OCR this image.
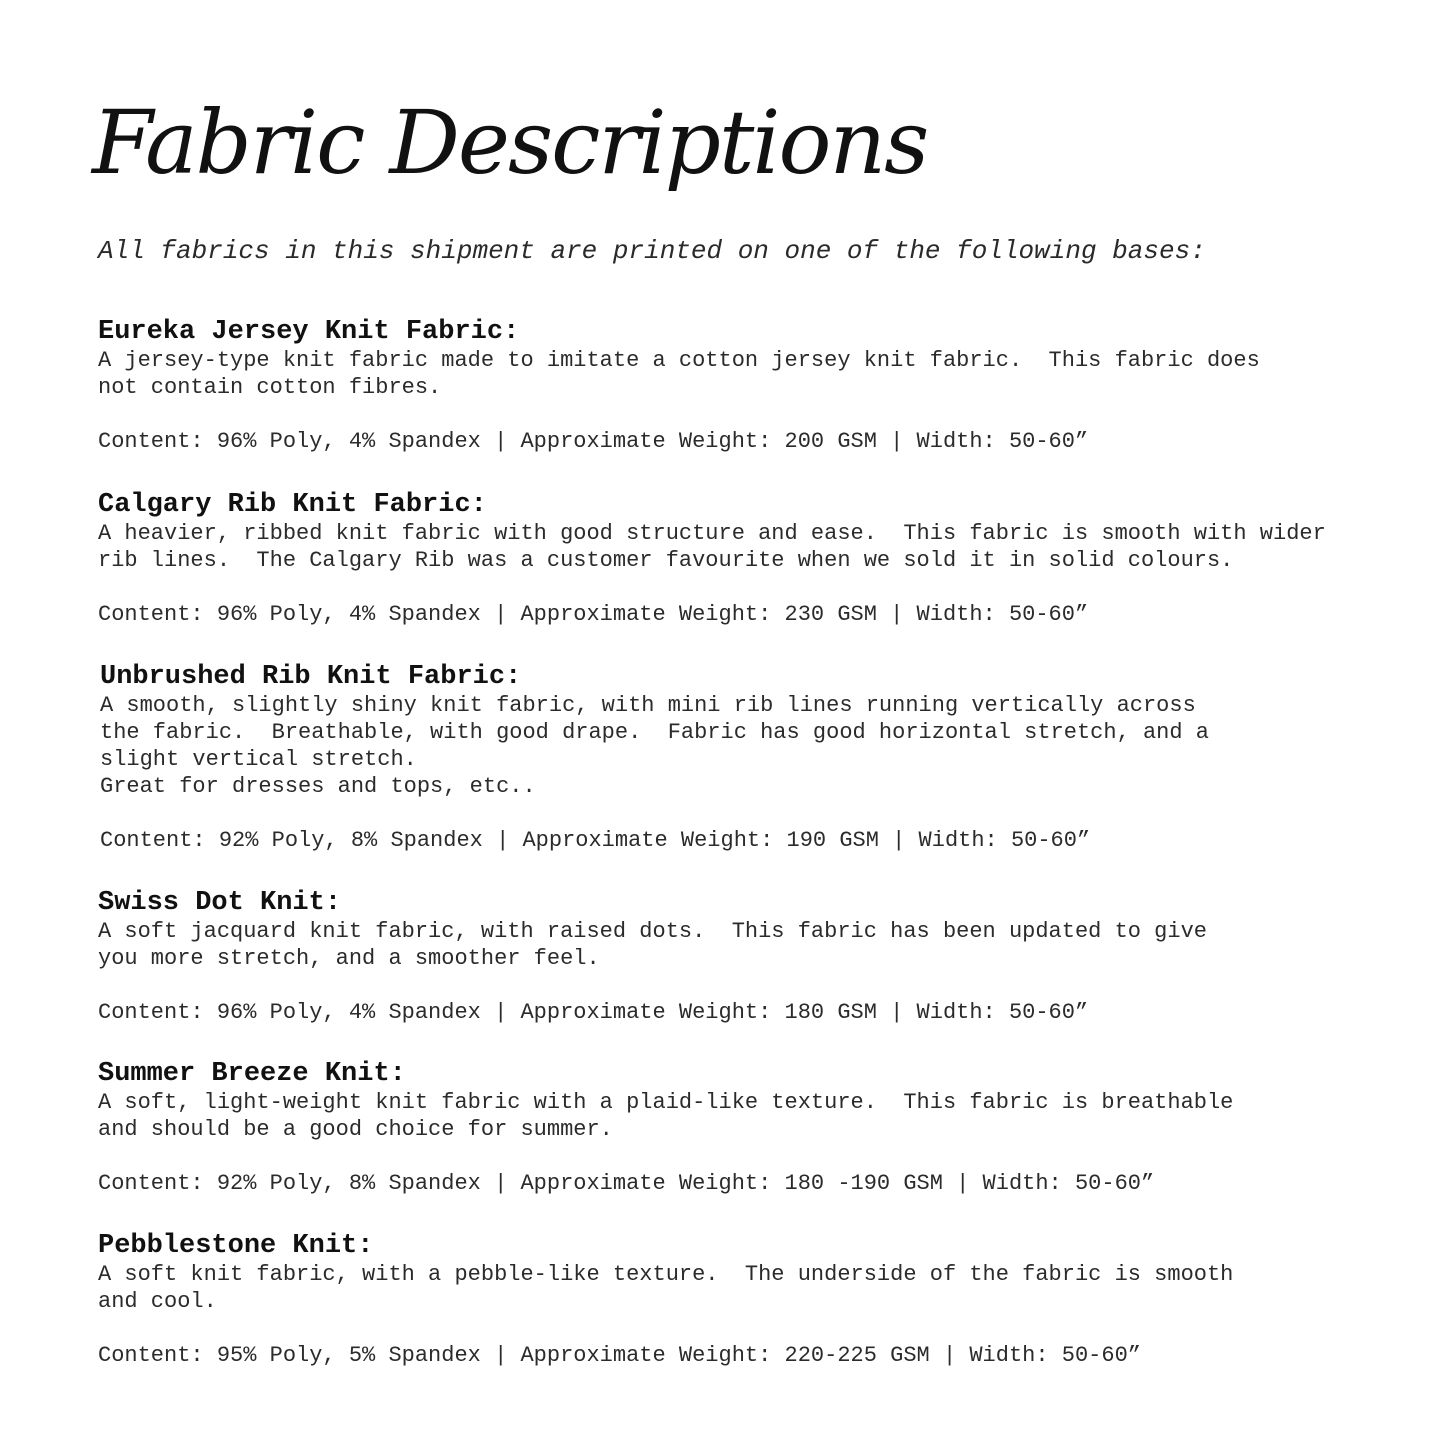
Fabric Descriptions
All fabrics in this shipment are printed on one of the following bases:
Eureka Jersey Knit Fabric:

A jersey-type knit fabric made to imitate a cotton jersey knit fabric.  This fabric does
not contain cotton fibres.

Content: 96% Poly, 4% Spandex | Approximate Weight: 200 GSM | Width: 50-60”
Calgary Rib Knit Fabric:

A heavier, ribbed knit fabric with good structure and ease.  This fabric is smooth with wider
rib lines.  The Calgary Rib was a customer favourite when we sold it in solid colours.

Content: 96% Poly, 4% Spandex | Approximate Weight: 230 GSM | Width: 50-60”
Unbrushed Rib Knit Fabric:

A smooth, slightly shiny knit fabric, with mini rib lines running vertically across
the fabric.  Breathable, with good drape.  Fabric has good horizontal stretch, and a
slight vertical stretch.
Great for dresses and tops, etc..

Content: 92% Poly, 8% Spandex | Approximate Weight: 190 GSM | Width: 50-60”
Swiss Dot Knit:

A soft jacquard knit fabric, with raised dots.  This fabric has been updated to give
you more stretch, and a smoother feel.

Content: 96% Poly, 4% Spandex | Approximate Weight: 180 GSM | Width: 50-60”
Summer Breeze Knit:

A soft, light-weight knit fabric with a plaid-like texture.  This fabric is breathable
and should be a good choice for summer.

Content: 92% Poly, 8% Spandex | Approximate Weight: 180 -190 GSM | Width: 50-60”
Pebblestone Knit:

A soft knit fabric, with a pebble-like texture.  The underside of the fabric is smooth
and cool.

Content: 95% Poly, 5% Spandex | Approximate Weight: 220-225 GSM | Width: 50-60”
